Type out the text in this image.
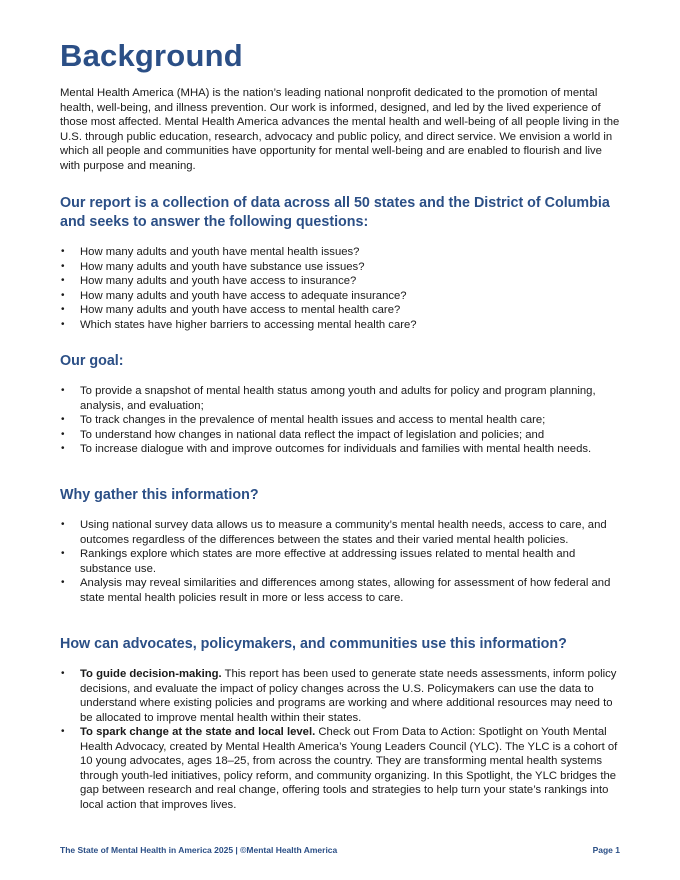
Background

Mental Health America (MHA) is the nation’s leading national nonprofit dedicated to the promotion of mental health, well-being, and illness prevention. Our work is informed, designed, and led by the lived experience of those most affected. Mental Health America advances the mental health and well-being of all people living in the U.S. through public education, research, advocacy and public policy, and direct service. We envision a world in which all people and communities have opportunity for mental well-being and are enabled to flourish and live with purpose and meaning.

Our report is a collection of data across all 50 states and the District of Columbia and seeks to answer the following questions:
• How many adults and youth have mental health issues?
• How many adults and youth have substance use issues?
• How many adults and youth have access to insurance?
• How many adults and youth have access to adequate insurance?
• How many adults and youth have access to mental health care?
• Which states have higher barriers to accessing mental health care?
Our goal:
• To provide a snapshot of mental health status among youth and adults for policy and program planning, analysis, and evaluation;
• To track changes in the prevalence of mental health issues and access to mental health care;
• To understand how changes in national data reflect the impact of legislation and policies; and
• To increase dialogue with and improve outcomes for individuals and families with mental health needs.
Why gather this information?
• Using national survey data allows us to measure a community’s mental health needs, access to care, and outcomes regardless of the differences between the states and their varied mental health policies.
• Rankings explore which states are more effective at addressing issues related to mental health and substance use.
• Analysis may reveal similarities and differences among states, allowing for assessment of how federal and state mental health policies result in more or less access to care.
How can advocates, policymakers, and communities use this information?
• To guide decision-making. This report has been used to generate state needs assessments, inform policy decisions, and evaluate the impact of policy changes across the U.S. Policymakers can use the data to understand where existing policies and programs are working and where additional resources may need to be allocated to improve mental health within their states.
• To spark change at the state and local level. Check out From Data to Action: Spotlight on Youth Mental Health Advocacy, created by Mental Health America’s Young Leaders Council (YLC). The YLC is a cohort of 10 young advocates, ages 18–25, from across the country. They are transforming mental health systems through youth-led initiatives, policy reform, and community organizing. In this Spotlight, the YLC bridges the gap between research and real change, offering tools and strategies to help turn your state’s rankings into local action that improves lives.
The State of Mental Health in America 2025 | ©Mental Health America	Page 1
